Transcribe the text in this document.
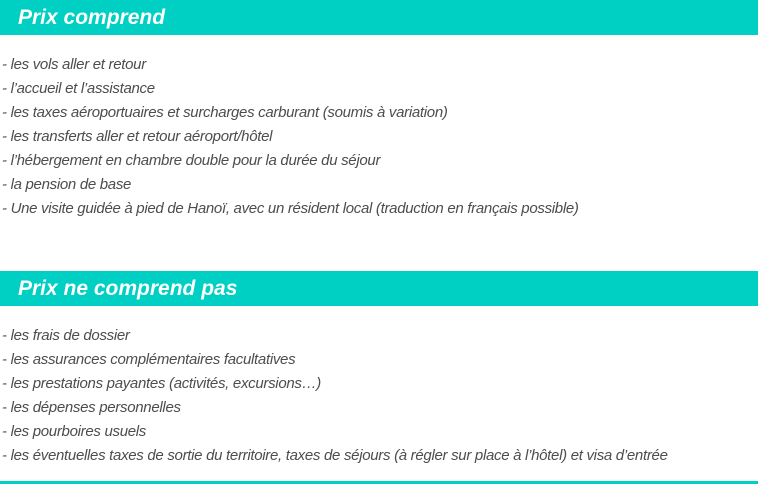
Prix comprend

- les vols aller et retour

- l’accueil et l’assistance

- les taxes aéroportuaires et surcharges carburant (soumis à variation)

- les transferts aller et retour aéroport/hôtel

- l’hébergement en chambre double pour la durée du séjour

- la pension de base

- Une visite guidée à pied de Hanoï, avec un résident local (traduction en français possible)

Prix ne comprend pas

- les frais de dossier

- les assurances complémentaires facultatives

- les prestations payantes (activités, excursions…)

- les dépenses personnelles

- les pourboires usuels

- les éventuelles taxes de sortie du territoire, taxes de séjours (à régler sur place à l’hôtel) et visa d’entrée
